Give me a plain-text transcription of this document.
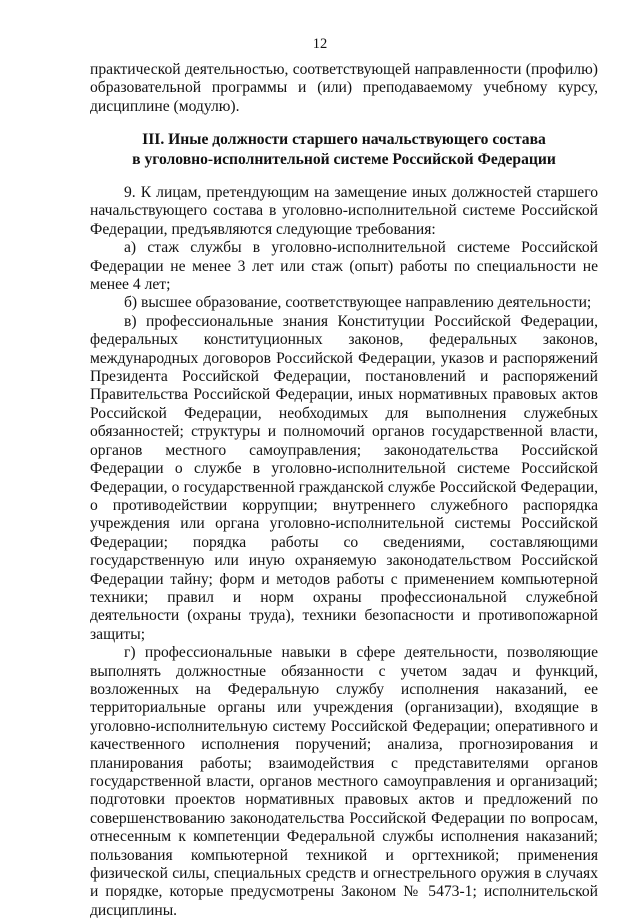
12

практической деятельностью, соответствующей направленности (профилю) образовательной программы и (или) преподаваемому учебному курсу, дисциплине (модулю).

III. Иные должности старшего начальствующего состава
в уголовно-исполнительной системе Российской Федерации

9. К лицам, претендующим на замещение иных должностей старшего начальствующего состава в уголовно-исполнительной системе Российской Федерации, предъявляются следующие требования:

а) стаж службы в уголовно-исполнительной системе Российской Федерации не менее 3 лет или стаж (опыт) работы по специальности не менее 4 лет;

б) высшее образование, соответствующее направлению деятельности;

в) профессиональные знания Конституции Российской Федерации, федеральных конституционных законов, федеральных законов, международных договоров Российской Федерации, указов и распоряжений Президента Российской Федерации, постановлений и распоряжений Правительства Российской Федерации, иных нормативных правовых актов Российской Федерации, необходимых для выполнения служебных обязанностей; структуры и полномочий органов государственной власти, органов местного самоуправления; законодательства Российской Федерации о службе в уголовно-исполнительной системе Российской Федерации, о государственной гражданской службе Российской Федерации, о противодействии коррупции; внутреннего служебного распорядка учреждения или органа уголовно-исполнительной системы Российской Федерации; порядка работы со сведениями, составляющими государственную или иную охраняемую законодательством Российской Федерации тайну; форм и методов работы с применением компьютерной техники; правил и норм охраны профессиональной служебной деятельности (охраны труда), техники безопасности и противопожарной защиты;

г) профессиональные навыки в сфере деятельности, позволяющие выполнять должностные обязанности с учетом задач и функций, возложенных на Федеральную службу исполнения наказаний, ее территориальные органы или учреждения (организации), входящие в уголовно-исполнительную систему Российской Федерации; оперативного и качественного исполнения поручений; анализа, прогнозирования и планирования работы; взаимодействия с представителями органов государственной власти, органов местного самоуправления и организаций; подготовки проектов нормативных правовых актов и предложений по совершенствованию законодательства Российской Федерации по вопросам, отнесенным к компетенции Федеральной службы исполнения наказаний; пользования компьютерной техникой и оргтехникой; применения физической силы, специальных средств и огнестрельного оружия в случаях и порядке, которые предусмотрены Законом № 5473-1; исполнительской дисциплины.
